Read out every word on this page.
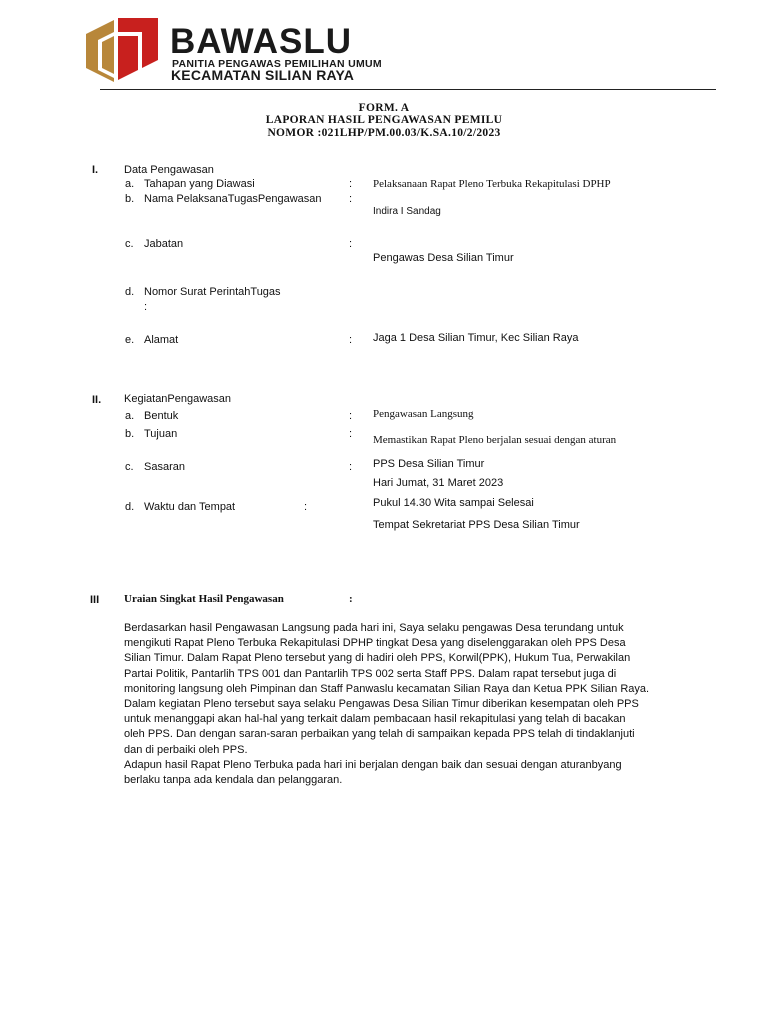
BAWASLU
PANITIA PENGAWAS PEMILIHAN UMUM
KECAMATAN SILIAN RAYA
FORM. A
LAPORAN HASIL PENGAWASAN PEMILU
NOMOR :021LHP/PM.00.03/K.SA.10/2/2023
I. Data Pengawasan
a. Tahapan yang Diawasi	: Pelaksanaan Rapat Pleno Terbuka Rekapitulasi DPHP
b. Nama PelaksanaTugasPengawasan :
Indira I Sandag
c. Jabatan	:
Pengawas Desa Silian Timur
d. Nomor Surat PerintahTugas
:
e. Alamat	: Jaga 1 Desa Silian Timur, Kec Silian Raya
II. KegiatanPengawasan
a. Bentuk	: Pengawasan Langsung
b. Tujuan	: Memastikan Rapat Pleno berjalan sesuai dengan aturan
c. Sasaran	: PPS Desa Silian Timur
Hari Jumat, 31 Maret 2023
d. Waktu dan Tempat	:	Pukul 14.30 Wita sampai Selesai
Tempat Sekretariat PPS Desa Silian Timur
III Uraian Singkat Hasil Pengawasan	:

Berdasarkan hasil Pengawasan Langsung pada hari ini, Saya selaku pengawas Desa terundang untuk

mengikuti Rapat Pleno Terbuka Rekapitulasi DPHP tingkat Desa yang diselenggarakan oleh PPS Desa

Silian Timur. Dalam Rapat Pleno tersebut yang di hadiri oleh PPS, Korwil(PPK), Hukum Tua, Perwakilan

Partai Politik, Pantarlih TPS 001 dan Pantarlih TPS 002 serta Staff PPS. Dalam rapat tersebut juga di

monitoring langsung oleh Pimpinan dan Staff Panwaslu kecamatan Silian Raya dan Ketua PPK Silian Raya.

Dalam kegiatan Pleno tersebut saya selaku Pengawas Desa Silian Timur diberikan kesempatan oleh PPS

untuk menanggapi akan hal-hal yang terkait dalam pembacaan hasil rekapitulasi yang telah di bacakan

oleh PPS. Dan dengan saran-saran perbaikan yang telah di sampaikan kepada PPS telah di tindaklanjuti

dan di perbaiki oleh PPS.

Adapun hasil Rapat Pleno Terbuka pada hari ini berjalan dengan baik dan sesuai dengan aturanbyang

berlaku tanpa ada kendala dan pelanggaran.
